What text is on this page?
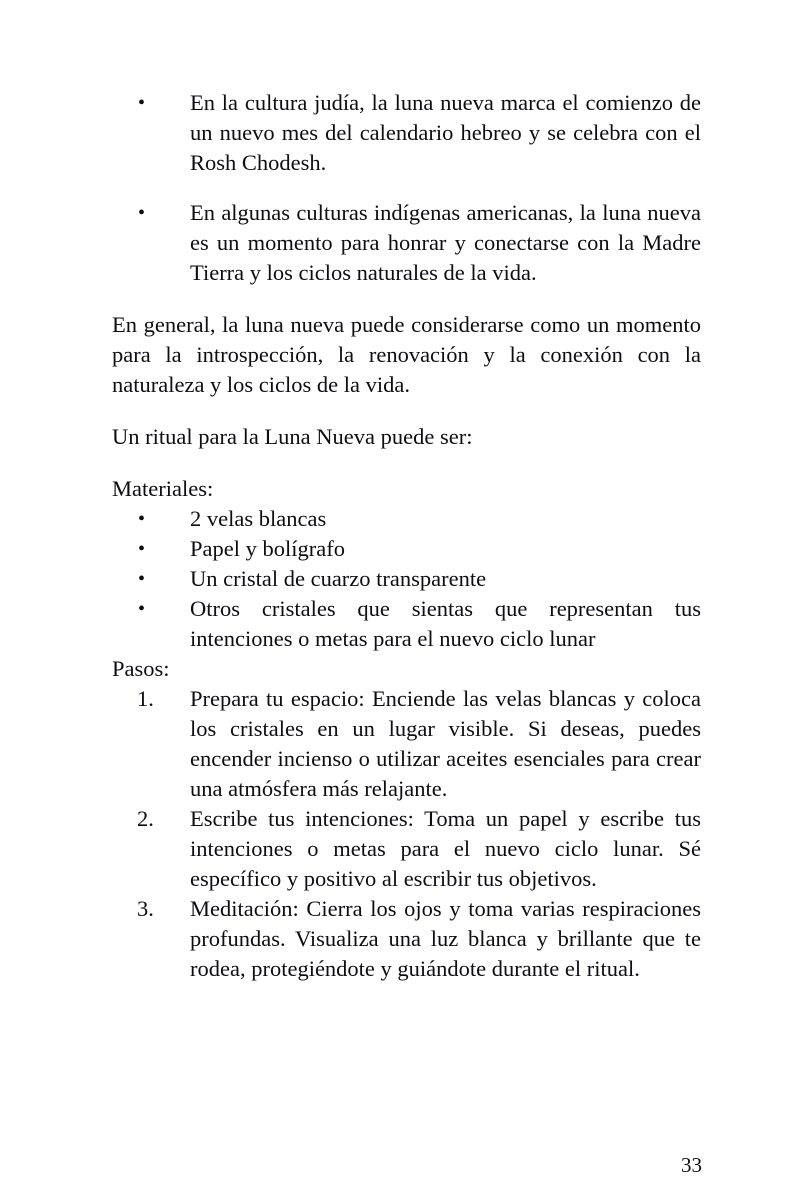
• En la cultura judía, la luna nueva marca el comienzo de un nuevo mes del calendario hebreo y se celebra con el Rosh Chodesh.
• En algunas culturas indígenas americanas, la luna nueva es un momento para honrar y conectarse con la Madre Tierra y los ciclos naturales de la vida.

En general, la luna nueva puede considerarse como un momento para la introspección, la renovación y la conexión con la naturaleza y los ciclos de la vida.

Un ritual para la Luna Nueva puede ser:

Materiales:

• 2 velas blancas
• Papel y bolígrafo
• Un cristal de cuarzo transparente
• Otros cristales que sientas que representan tus intenciones o metas para el nuevo ciclo lunar

Pasos:

Prepara tu espacio: Enciende las velas blancas y coloca los cristales en un lugar visible. Si deseas, puedes encender incienso o utilizar aceites esenciales para crear una atmósfera más relajante.
Escribe tus intenciones: Toma un papel y escribe tus intenciones o metas para el nuevo ciclo lunar. Sé específico y positivo al escribir tus objetivos.
Meditación: Cierra los ojos y toma varias respiraciones profundas. Visualiza una luz blanca y brillante que te rodea, protegiéndote y guiándote durante el ritual.
33
